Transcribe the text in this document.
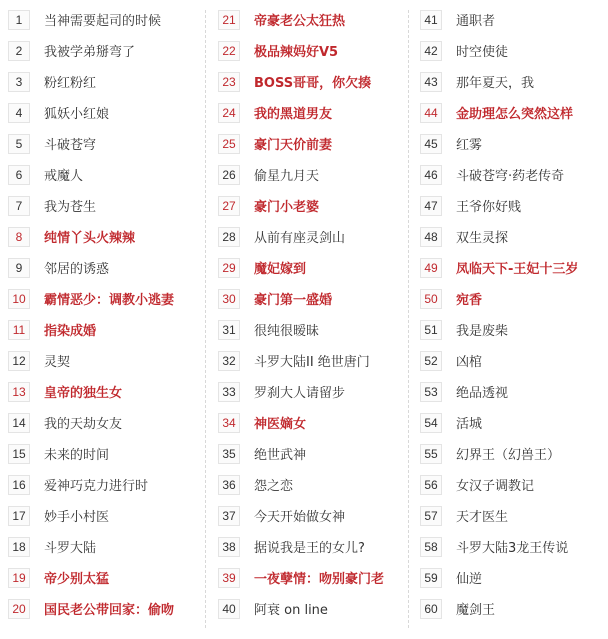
1	当神需要起司的时候
2	我被学弟掰弯了
3	粉红粉红
4	狐妖小红娘
5	斗破苍穹
6	戒魔人
7	我为苍生
8	纯情丫头火辣辣
9	邻居的诱惑
10	霸情恶少：调教小逃妻
11	指染成婚
12	灵契
13	皇帝的独生女
14	我的天劫女友
15	未来的时间
16	爱神巧克力进行时
17	妙手小村医
18	斗罗大陆
19	帝少别太猛
20	国民老公带回家：偷吻
21	帝豪老公太狂热
22	极品辣妈好V5
23	BOSS哥哥，你欠揍
24	我的黑道男友
25	豪门天价前妻
26	偷星九月天
27	豪门小老婆
28	从前有座灵剑山
29	魔妃嫁到
30	豪门第一盛婚
31	很纯很暧昧
32	斗罗大陆II 绝世唐门
33	罗刹大人请留步
34	神医嫡女
35	绝世武神
36	怨之恋
37	今天开始做女神
38	据说我是王的女儿?
39	一夜孽情：吻别豪门老
40	阿衰 on line
41	通职者
42	时空使徒
43	那年夏天，我
44	金助理怎么突然这样
45	红雾
46	斗破苍穹·药老传奇
47	王爷你好贱
48	双生灵探
49	凤临天下-王妃十三岁
50	宛香
51	我是废柴
52	凶棺
53	绝品透视
54	活城
55	幻界王（幻兽王）
56	女汉子调教记
57	天才医生
58	斗罗大陆3龙王传说
59	仙逆
60	魔剑王
